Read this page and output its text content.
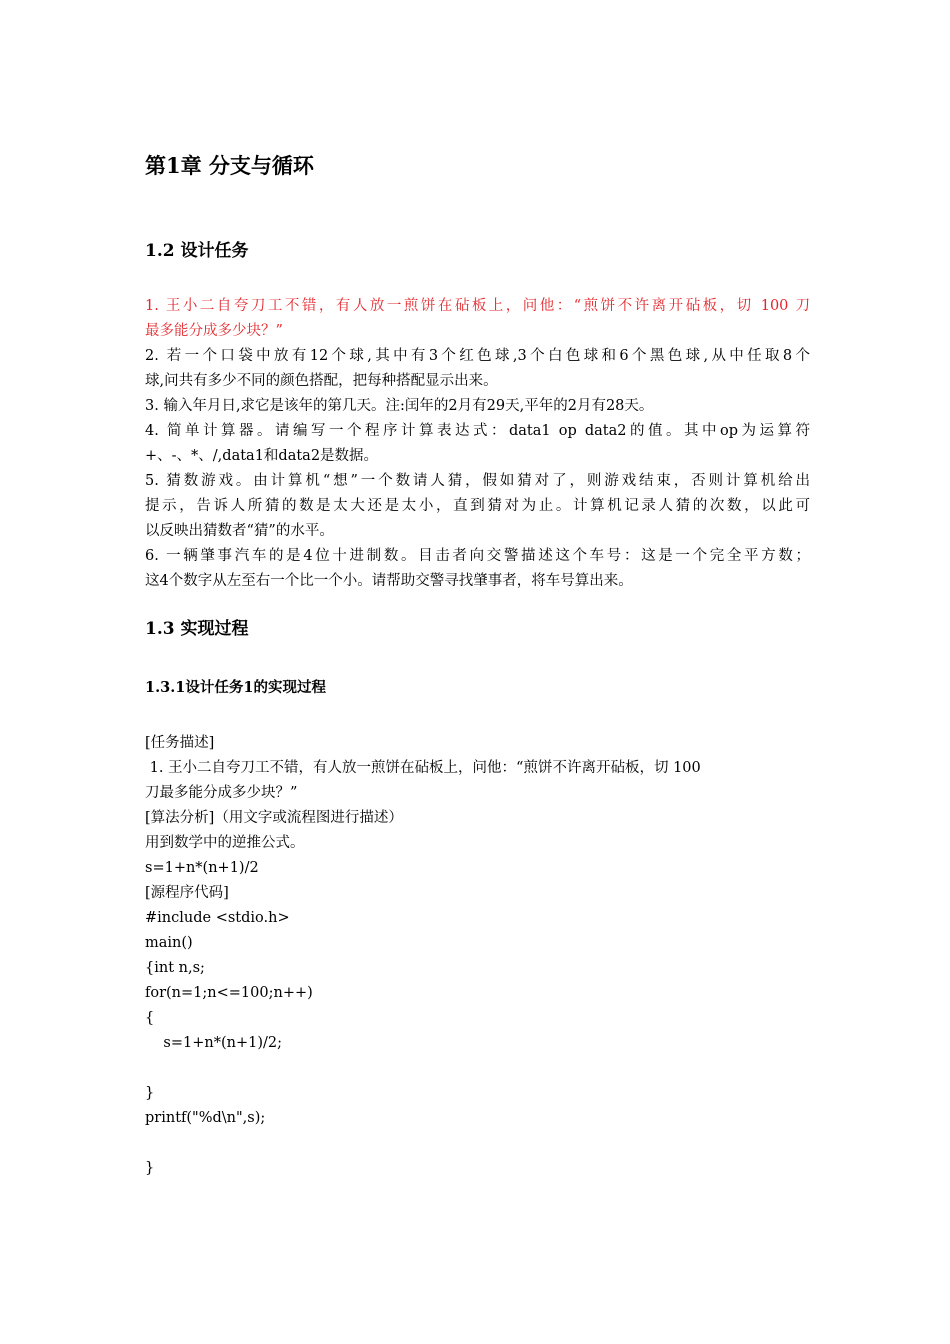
第1章 分支与循环
1.2 设计任务
1. 王小二自夸刀工不错，有人放一煎饼在砧板上，问他：“煎饼不许离开砧板，切 100 刀
最多能分成多少块？”
2. 若一个口袋中放有12个球,其中有3个红色球,3个白色球和6个黑色球,从中任取8个
球,问共有多少不同的颜色搭配，把每种搭配显示出来。
3. 输入年月日,求它是该年的第几天。注:闰年的2月有29天,平年的2月有28天。
4. 简单计算器。请编写一个程序计算表达式：data1 op data2的值。其中op为运算符
+、-、*、/,data1和data2是数据。
5. 猜数游戏。由计算机“想”一个数请人猜，假如猜对了，则游戏结束，否则计算机给出
提示，告诉人所猜的数是太大还是太小，直到猜对为止。计算机记录人猜的次数，以此可
以反映出猜数者“猜”的水平。
6. 一辆肇事汽车的是4位十进制数。目击者向交警描述这个车号：这是一个完全平方数；
这4个数字从左至右一个比一个小。请帮助交警寻找肇事者，将车号算出来。
1.3 实现过程
1.3.1设计任务1的实现过程
[任务描述]
1. 王小二自夸刀工不错，有人放一煎饼在砧板上，问他：“煎饼不许离开砧板，切 100
刀最多能分成多少块？”
[算法分析]（用文字或流程图进行描述）
用到数学中的逆推公式。
s=1+n*(n+1)/2
[源程序代码]
#include <stdio.h>
main()
{int n,s;
for(n=1;n<=100;n++)
{
s=1+n*(n+1)/2;
}
printf("%d\n",s);
}
